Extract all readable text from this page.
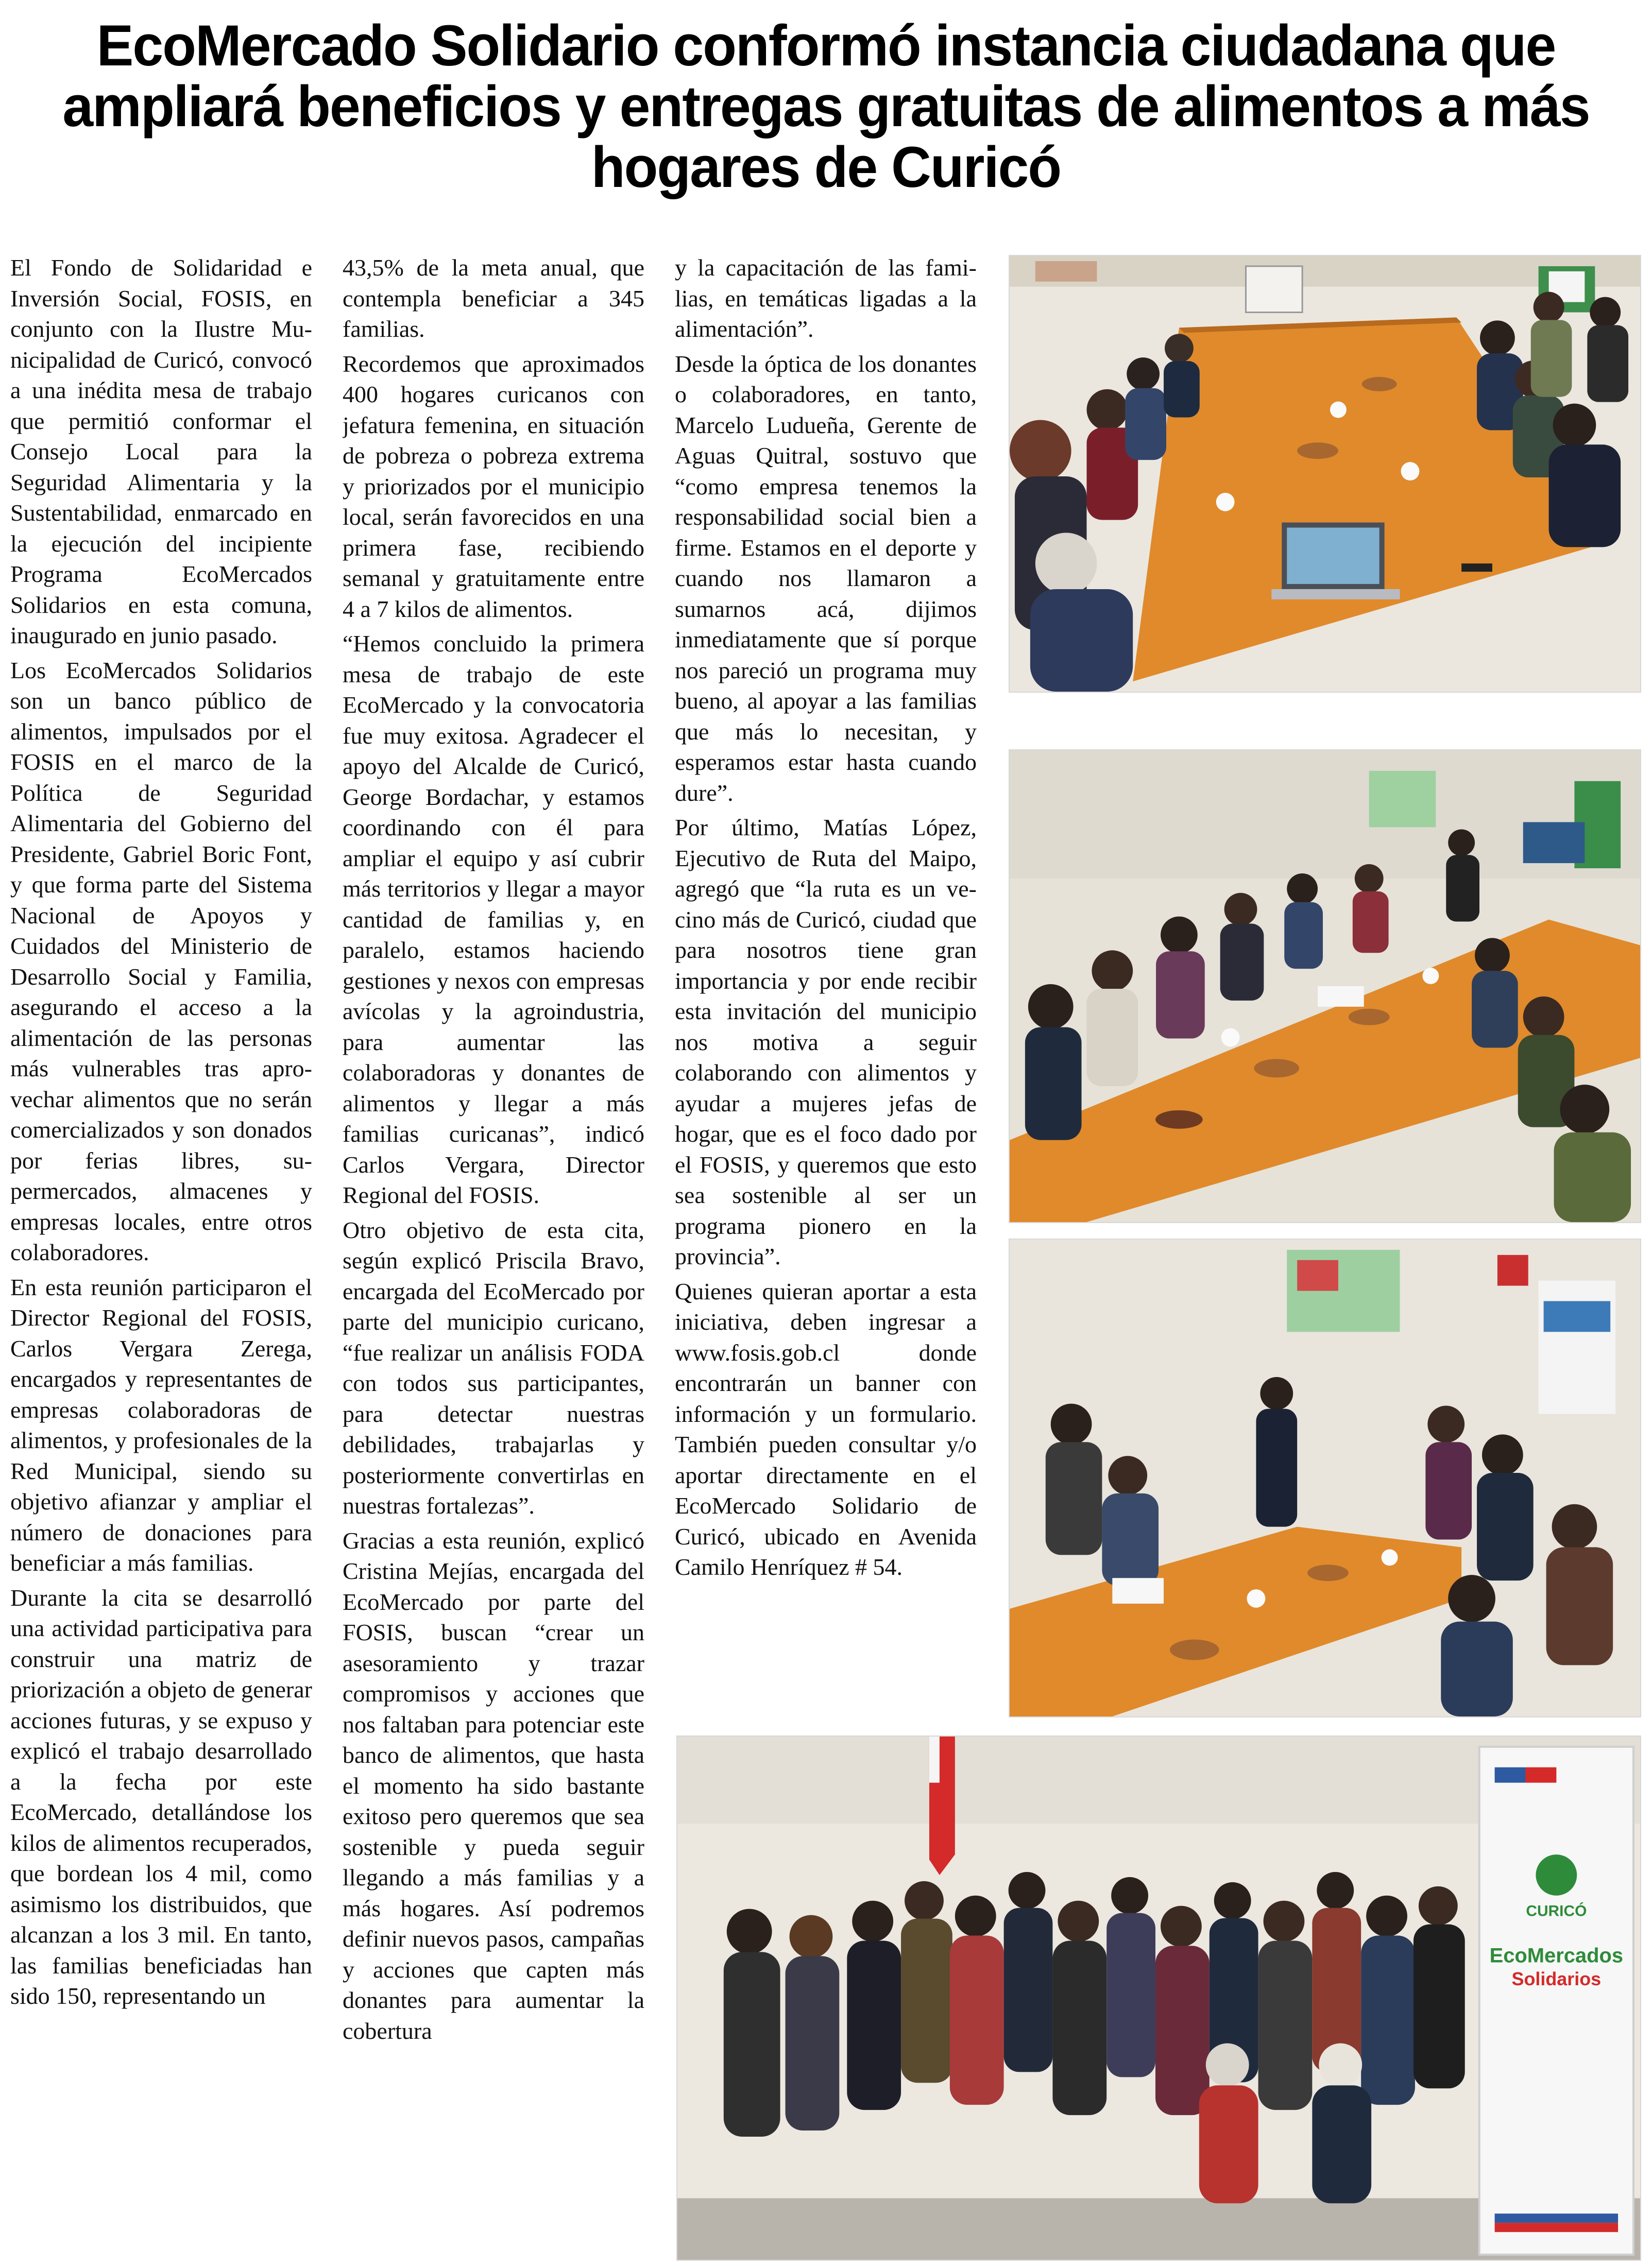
EcoMercado Solidario conformó instancia ciudadana que ampliará beneficios y entregas gratuitas de alimentos a más hogares de Curicó

El Fondo de Solidaridad e Inversión Social, FOSIS, en conjunto con la Ilustre Municipalidad de Curicó, convocó a una inédita mesa de trabajo que permitió conformar el Consejo Local para la Seguridad Alimentaria y la Sustentabilidad, enmarcado en la ejecución del incipiente Programa EcoMercados Solidarios en esta comuna, inaugurado en junio pasado.

Los EcoMercados Solidarios son un banco público de alimentos, impulsados por el FOSIS en el marco de la Política de Seguridad Alimentaria del Gobierno del Presidente, Gabriel Boric Font, y que forma parte del Sistema Nacional de Apoyos y Cuidados del Ministerio de Desarrollo Social y Familia, asegurando el acceso a la alimentación de las personas más vulnerables tras aprovechar alimentos que no serán comercializados y son donados por ferias libres, supermercados, almacenes y empresas locales, entre otros colaboradores.

En esta reunión participaron el Director Regional del FOSIS, Carlos Vergara Zerega, encargados y representantes de empresas colaboradoras de alimentos, y profesionales de la Red Municipal, siendo su objetivo afianzar y ampliar el número de donaciones para beneficiar a más familias.

Durante la cita se desarrolló una actividad participativa para construir una matriz de priorización a objeto de generar acciones futuras, y se expuso y explicó el trabajo desarrollado a la fecha por este EcoMercado, detallándose los kilos de alimentos recuperados, que bordean los 4 mil, como asimismo los distribuidos, que alcanzan a los 3 mil. En tanto, las familias beneficiadas han sido 150, representando un

43,5% de la meta anual, que contempla beneficiar a 345 familias.

Recordemos que aproximados 400 hogares curicanos con jefatura femenina, en situación de pobreza o pobreza extrema y priorizados por el municipio local, serán favorecidos en una primera fase, recibiendo semanal y gratuitamente entre 4 a 7 kilos de alimentos.

“Hemos concluido la primera mesa de trabajo de este EcoMercado y la convocatoria fue muy exitosa. Agradecer el apoyo del Alcalde de Curicó, George Bordachar, y estamos coordinando con él para ampliar el equipo y así cubrir más territorios y llegar a mayor cantidad de familias y, en paralelo, estamos haciendo gestiones y nexos con empresas avícolas y la agroindustria, para aumentar las colaboradoras y donantes de alimentos y llegar a más familias curicanas”, indicó Carlos Vergara, Director Regional del FOSIS.

Otro objetivo de esta cita, según explicó Priscila Bravo, encargada del EcoMercado por parte del municipio curicano, “fue realizar un análisis FODA con todos sus participantes, para detectar nuestras debilidades, trabajarlas y posteriormente convertirlas en nuestras fortalezas”.

Gracias a esta reunión, explicó Cristina Mejías, encargada del EcoMercado por parte del FOSIS, buscan “crear un asesoramiento y trazar compromisos y acciones que nos faltaban para potenciar este banco de alimentos, que hasta el momento ha sido bastante exitoso pero queremos que sea sostenible y pueda seguir llegando a más familias y a más hogares. Así podremos definir nuevos pasos, campañas y acciones que capten más donantes para aumentar la cobertura

y la capacitación de las familias, en temáticas ligadas a la alimentación”.

Desde la óptica de los donantes o colaboradores, en tanto, Marcelo Ludueña, Gerente de Aguas Quitral, sostuvo que “como empresa tenemos la responsabilidad social bien a firme. Estamos en el deporte y cuando nos llamaron a sumarnos acá, dijimos inmediatamente que sí porque nos pareció un programa muy bueno, al apoyar a las familias que más lo necesitan, y esperamos estar hasta cuando dure”.

Por último, Matías López, Ejecutivo de Ruta del Maipo, agregó que “la ruta es un vecino más de Curicó, ciudad que para nosotros tiene gran importancia y por ende recibir esta invitación del municipio nos motiva a seguir colaborando con alimentos y ayudar a mujeres jefas de hogar, que es el foco dado por el FOSIS, y queremos que esto sea sostenible al ser un programa pionero en la provincia”.

Quienes quieran aportar a esta iniciativa, deben ingresar a www.fosis.gob.cl donde encontrarán un banner con información y un formulario. También pueden consultar y/o aportar directamente en el EcoMercado Solidario de Curicó, ubicado en Avenida Camilo Henríquez # 54.

CURICÓ
EcoMercados
Solidarios
